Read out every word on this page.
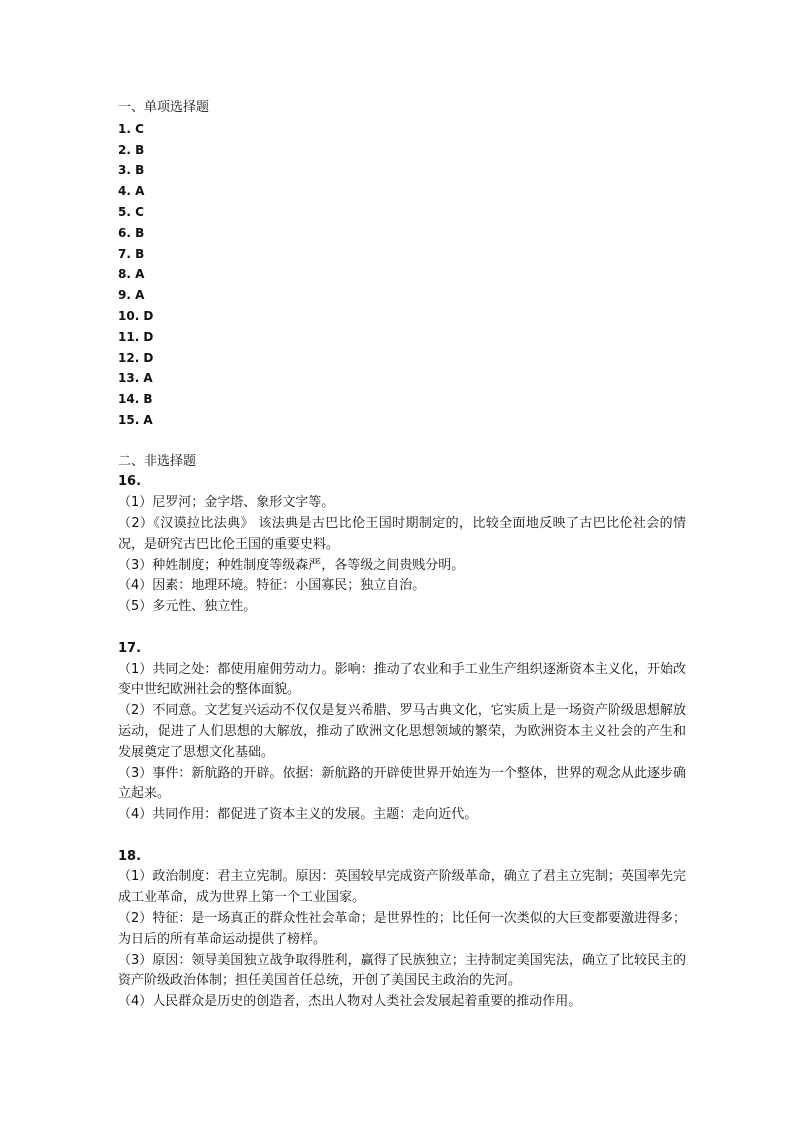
一、单项选择题
1. C
2. B
3. B
4. A
5. C
6. B
7. B
8. A
9. A
10. D
11. D
12. D
13. A
14. B
15. A
二、非选择题
16.
（1）尼罗河；金字塔、象形文字等。
（2）《汉谟拉比法典》 该法典是古巴比伦王国时期制定的，比较全面地反映了古巴比伦社会的情况，是研究古巴比伦王国的重要史料。
（3）种姓制度；种姓制度等级森严，各等级之间贵贱分明。
（4）因素：地理环境。特征：小国寡民；独立自治。
（5）多元性、独立性。
17.
（1）共同之处：都使用雇佣劳动力。影响：推动了农业和手工业生产组织逐渐资本主义化，开始改变中世纪欧洲社会的整体面貌。
（2）不同意。文艺复兴运动不仅仅是复兴希腊、罗马古典文化，它实质上是一场资产阶级思想解放运动，促进了人们思想的大解放，推动了欧洲文化思想领域的繁荣，为欧洲资本主义社会的产生和发展奠定了思想文化基础。
（3）事件：新航路的开辟。依据：新航路的开辟使世界开始连为一个整体，世界的观念从此逐步确立起来。
（4）共同作用：都促进了资本主义的发展。主题：走向近代。
18.
（1）政治制度：君主立宪制。原因：英国较早完成资产阶级革命，确立了君主立宪制；英国率先完成工业革命，成为世界上第一个工业国家。
（2）特征：是一场真正的群众性社会革命；是世界性的；比任何一次类似的大巨变都要激进得多；为日后的所有革命运动提供了榜样。
（3）原因：领导美国独立战争取得胜利，赢得了民族独立；主持制定美国宪法，确立了比较民主的资产阶级政治体制；担任美国首任总统，开创了美国民主政治的先河。
（4）人民群众是历史的创造者，杰出人物对人类社会发展起着重要的推动作用。
